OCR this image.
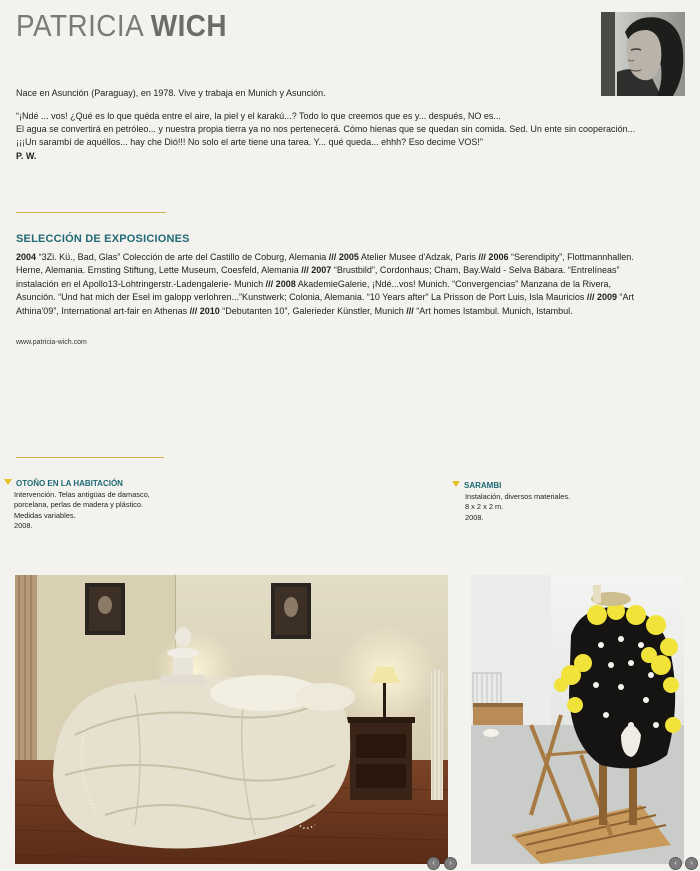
PATRICIA WICH
Nace en Asunción (Paraguay), en 1978. Vive y trabaja en Munich y Asunción.
“¡Ndé ... vos! ¿Qué es lo que quéda entre el aire, la piel y el karakú...? Todo lo que creemos que es y... después, NO es...
El agua se convertirá en petróleo... y nuestra propia tierra ya no nos pertenecerá. Cómo hienas que se quedan sin comida. Sed. Un ente sin cooperación...
¡¡¡Un sarambí de aquéllos... hay che Dió!!! No solo el arte tiene una tarea. Y... qué queda... ehhh? Eso decime VOS!”
P. W.
SELECCIÓN DE EXPOSICIONES
2004 “3Zi. Kü., Bad, Glas” Colección de arte del Castillo de Coburg, Alemania /// 2005 Atelier Musee d'Adzak, Paris /// 2006 “Serendipity”, Flottmannhallen.
Herne, Alemania. Ernsting Stiftung, Lette Museum, Coesfeld, Alemania /// 2007 “Brustbild”, Cordonhaus; Cham, Bay.Wald - Selva Bábara. “Entrelíneas”
instalación en el Apollo13-Lohtringerstr.-Ladengalerie- Munich /// 2008 AkademieGalerie, ¡Ndé...vos! Munich. “Convergencias” Manzana de la Rivera,
Asunción. “Und hat mich der Esel im galopp verlohren...”Kunstwerk; Colonia, Alemania. “10 Years after” La Prisson de Port Luis, Isla Mauricios /// 2009 “Art
Athina'09”, International art-fair en Athenas /// 2010 “Debutanten 10”, Galerieder Künstler, Munich /// “Art homes Istambul. Munich, Istambul.
www.patricia-wich.com
OTOÑO EN LA HABITACIÓN
Intervención. Telas antigüas de damasco,
porcelana, perlas de madera y plástico.
Medidas variables.
2008.
SARAMBI
Instalación, diversos materiales.
8 x 2 x 2 m.
2008.
‹	›	‹	›
